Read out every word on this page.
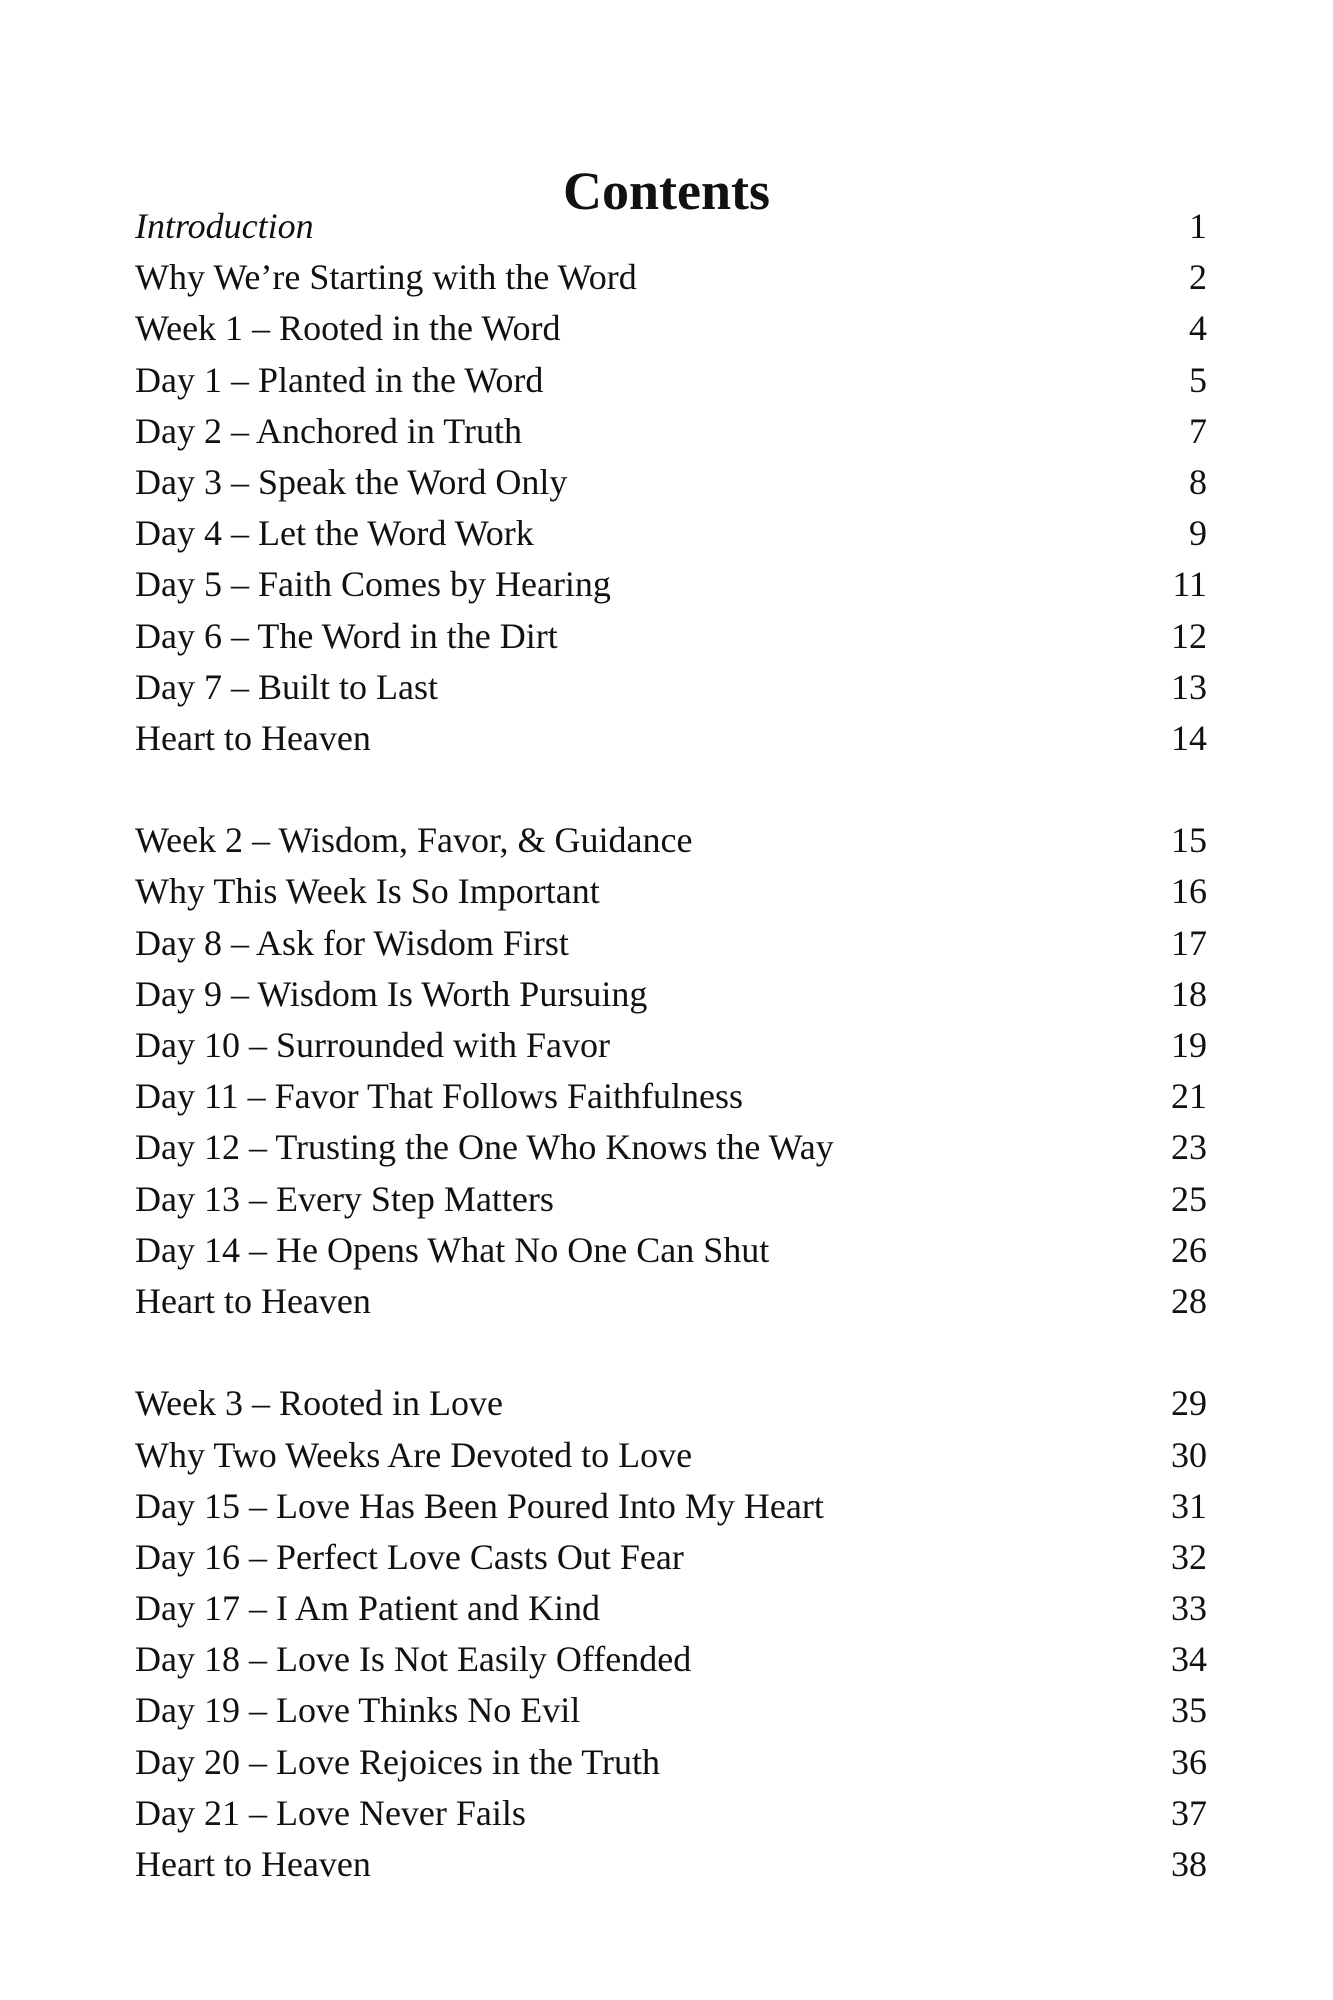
Contents
Introduction	1
Why We’re Starting with the Word	2
Week 1 – Rooted in the Word	4
Day 1 – Planted in the Word	5
Day 2 – Anchored in Truth	7
Day 3 – Speak the Word Only	8
Day 4 – Let the Word Work	9
Day 5 – Faith Comes by Hearing	11
Day 6 – The Word in the Dirt	12
Day 7 – Built to Last	13
Heart to Heaven	14
Week 2 – Wisdom, Favor, & Guidance	15
Why This Week Is So Important	16
Day 8 – Ask for Wisdom First	17
Day 9 – Wisdom Is Worth Pursuing	18
Day 10 – Surrounded with Favor	19
Day 11 – Favor That Follows Faithfulness	21
Day 12 – Trusting the One Who Knows the Way	23
Day 13 – Every Step Matters	25
Day 14 – He Opens What No One Can Shut	26
Heart to Heaven	28
Week 3 – Rooted in Love	29
Why Two Weeks Are Devoted to Love	30
Day 15 – Love Has Been Poured Into My Heart	31
Day 16 – Perfect Love Casts Out Fear	32
Day 17 – I Am Patient and Kind	33
Day 18 – Love Is Not Easily Offended	34
Day 19 – Love Thinks No Evil	35
Day 20 – Love Rejoices in the Truth	36
Day 21 – Love Never Fails	37
Heart to Heaven	38
